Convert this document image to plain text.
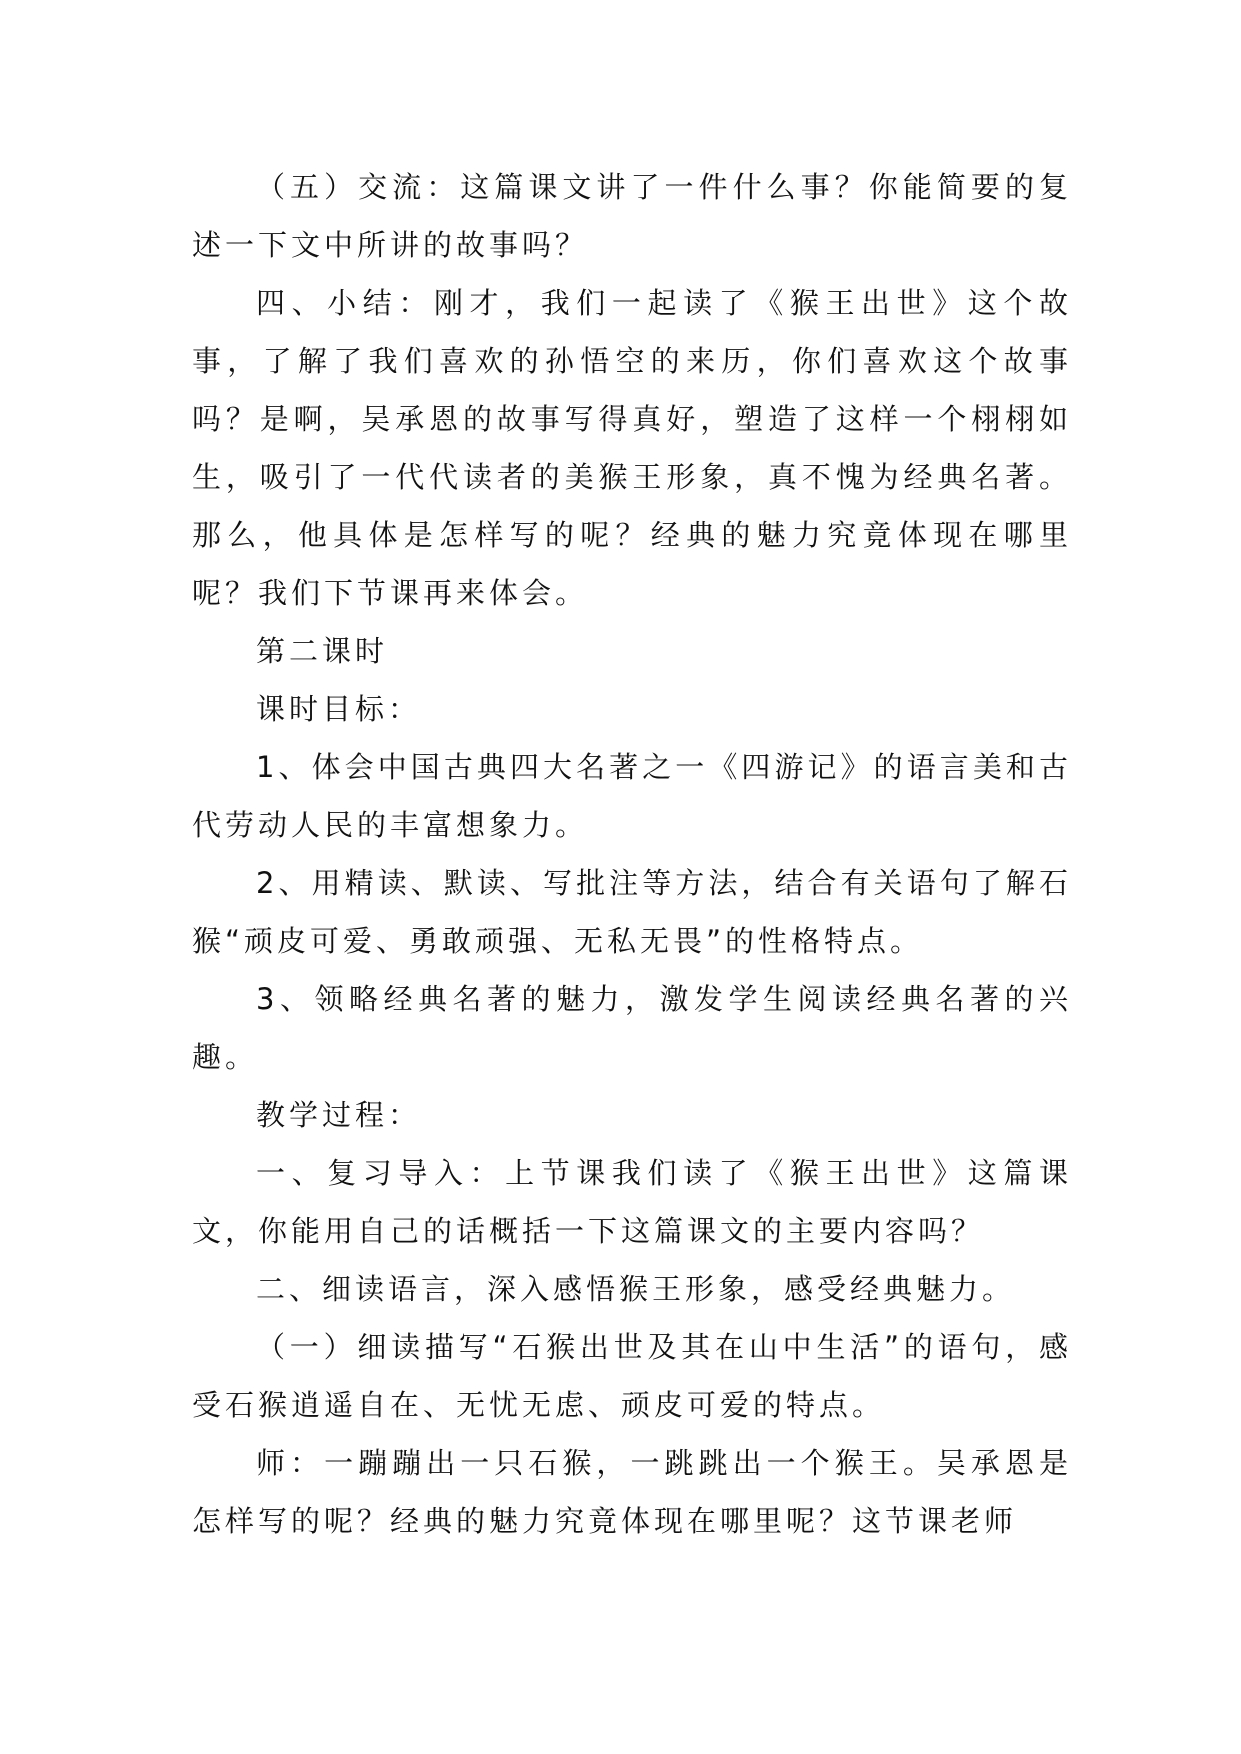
（五）交流：这篇课文讲了一件什么事？你能简要的复述一下文中所讲的故事吗？

四、小结：刚才，我们一起读了《猴王出世》这个故事，了解了我们喜欢的孙悟空的来历，你们喜欢这个故事吗？是啊，吴承恩的故事写得真好，塑造了这样一个栩栩如生，吸引了一代代读者的美猴王形象，真不愧为经典名著。那么，他具体是怎样写的呢？经典的魅力究竟体现在哪里呢？我们下节课再来体会。

第二课时

课时目标：

1、体会中国古典四大名著之一《四游记》的语言美和古代劳动人民的丰富想象力。

2、用精读、默读、写批注等方法，结合有关语句了解石猴“顽皮可爱、勇敢顽强、无私无畏”的性格特点。

3、领略经典名著的魅力，激发学生阅读经典名著的兴趣。

教学过程：

一、复习导入：上节课我们读了《猴王出世》这篇课文，你能用自己的话概括一下这篇课文的主要内容吗？

二、细读语言，深入感悟猴王形象，感受经典魅力。

（一）细读描写“石猴出世及其在山中生活”的语句，感受石猴逍遥自在、无忧无虑、顽皮可爱的特点。

师：一蹦蹦出一只石猴，一跳跳出一个猴王。吴承恩是怎样写的呢？经典的魅力究竟体现在哪里呢？这节课老师
